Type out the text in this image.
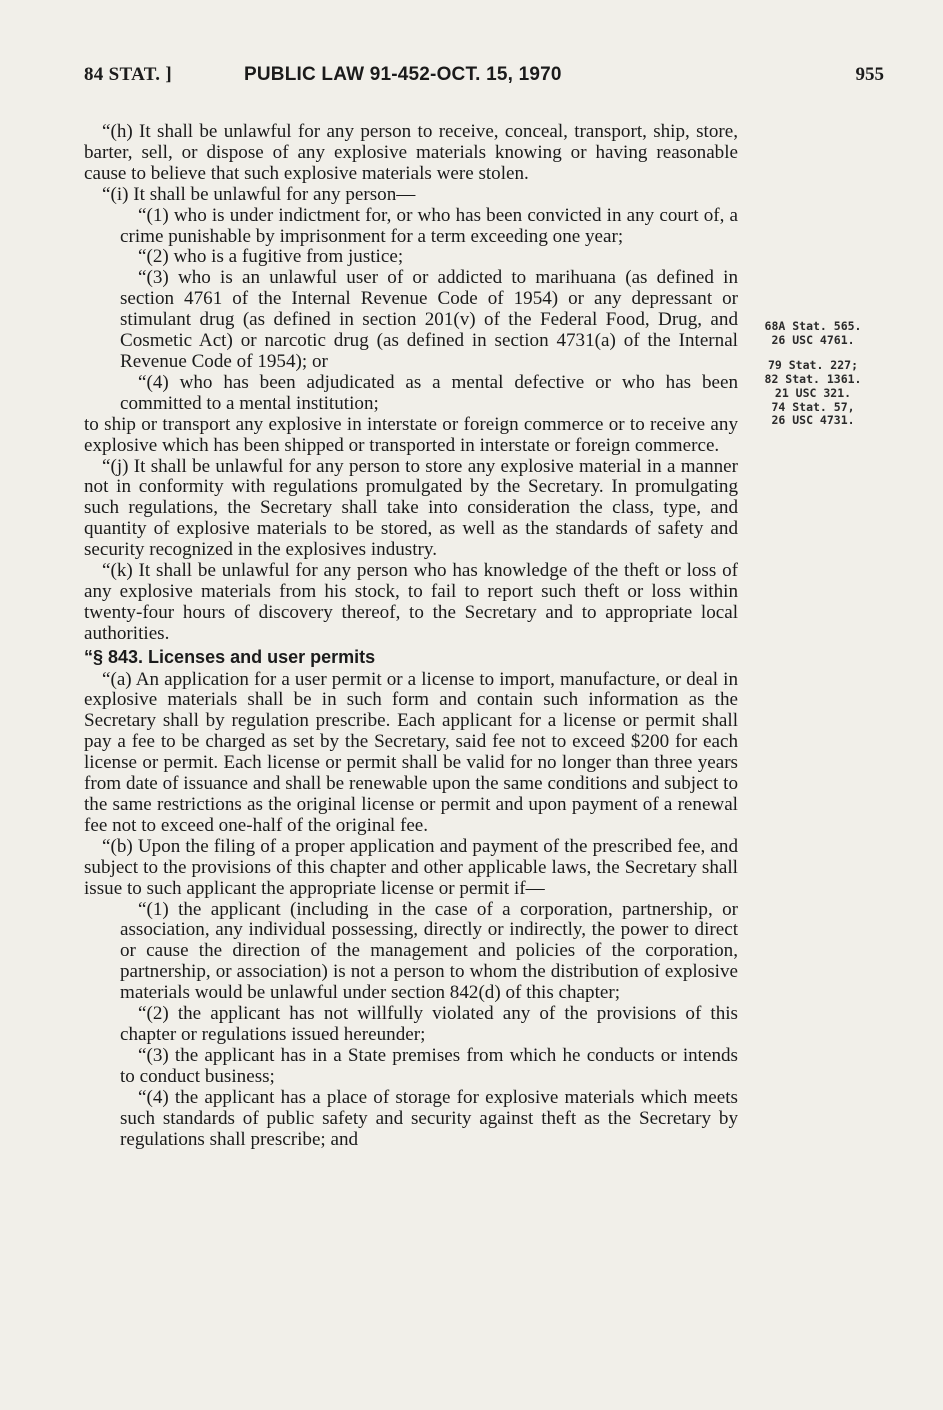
84 STAT. ]	PUBLIC LAW 91-452-OCT. 15, 1970	955

“(h) It shall be unlawful for any person to receive, conceal, transport, ship, store, barter, sell, or dispose of any explosive materials knowing or having reasonable cause to believe that such explosive materials were stolen.

“(i) It shall be unlawful for any person—

“(1) who is under indictment for, or who has been convicted in any court of, a crime punishable by imprisonment for a term exceeding one year;

“(2) who is a fugitive from justice;

“(3) who is an unlawful user of or addicted to marihuana (as defined in section 4761 of the Internal Revenue Code of 1954) or any depressant or stimulant drug (as defined in section 201(v) of the Federal Food, Drug, and Cosmetic Act) or narcotic drug (as defined in section 4731(a) of the Internal Revenue Code of 1954); or

“(4) who has been adjudicated as a mental defective or who has been committed to a mental institution;

to ship or transport any explosive in interstate or foreign commerce or to receive any explosive which has been shipped or transported in interstate or foreign commerce.

“(j) It shall be unlawful for any person to store any explosive material in a manner not in conformity with regulations promulgated by the Secretary. In promulgating such regulations, the Secretary shall take into consideration the class, type, and quantity of explosive materials to be stored, as well as the standards of safety and security recognized in the explosives industry.

“(k) It shall be unlawful for any person who has knowledge of the theft or loss of any explosive materials from his stock, to fail to report such theft or loss within twenty-four hours of discovery thereof, to the Secretary and to appropriate local authorities.

“§ 843. Licenses and user permits

“(a) An application for a user permit or a license to import, manufacture, or deal in explosive materials shall be in such form and contain such information as the Secretary shall by regulation prescribe. Each applicant for a license or permit shall pay a fee to be charged as set by the Secretary, said fee not to exceed $200 for each license or permit. Each license or permit shall be valid for no longer than three years from date of issuance and shall be renewable upon the same conditions and subject to the same restrictions as the original license or permit and upon payment of a renewal fee not to exceed one-half of the original fee.

“(b) Upon the filing of a proper application and payment of the prescribed fee, and subject to the provisions of this chapter and other applicable laws, the Secretary shall issue to such applicant the appropriate license or permit if—

“(1) the applicant (including in the case of a corporation, partnership, or association, any individual possessing, directly or indirectly, the power to direct or cause the direction of the management and policies of the corporation, partnership, or association) is not a person to whom the distribution of explosive materials would be unlawful under section 842(d) of this chapter;

“(2) the applicant has not willfully violated any of the provisions of this chapter or regulations issued hereunder;

“(3) the applicant has in a State premises from which he conducts or intends to conduct business;

“(4) the applicant has a place of storage for explosive materials which meets such standards of public safety and security against theft as the Secretary by regulations shall prescribe; and

68A Stat. 565.
26 USC 4761.
79 Stat. 227;
82 Stat. 1361.
21 USC 321.
74 Stat. 57,
26 USC 4731.
